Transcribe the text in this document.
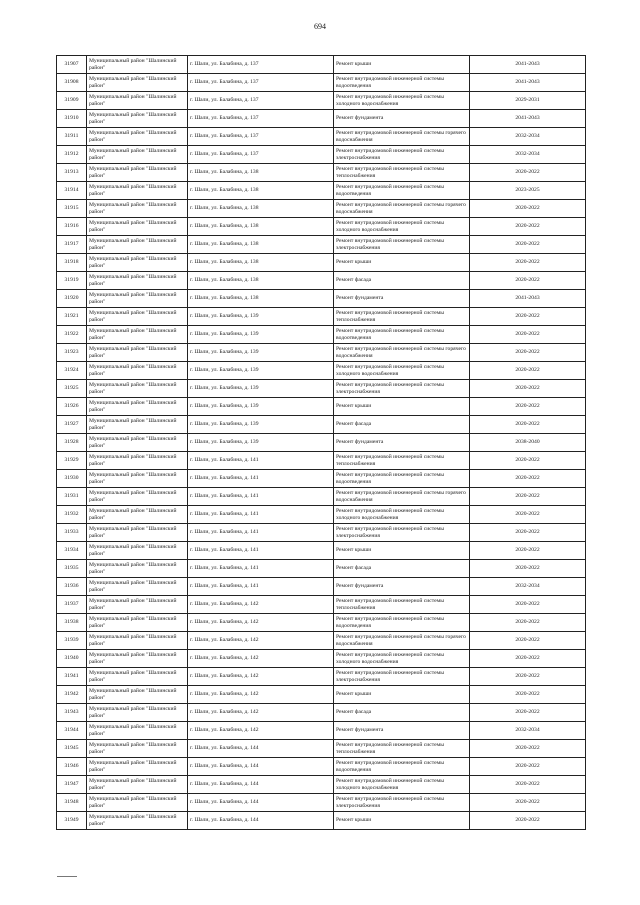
694
31907	Муниципальный район "Шалинский район"	г. Шали, ул. Балабина, д. 137	Ремонт крыши	2041-2043
31908	Муниципальный район "Шалинский район"	г. Шали, ул. Балабина, д. 137	Ремонт внутридомовой инженерной системы водоотведения	2041-2043
31909	Муниципальный район "Шалинский район"	г. Шали, ул. Балабина, д. 137	Ремонт внутридомовой инженерной системы холодного водоснабжения	2029-2031
31910	Муниципальный район "Шалинский район"	г. Шали, ул. Балабина, д. 137	Ремонт фундамента	2041-2043
31911	Муниципальный район "Шалинский район"	г. Шали, ул. Балабина, д. 137	Ремонт внутридомовой инженерной системы горячего водоснабжения	2032-2034
31912	Муниципальный район "Шалинский район"	г. Шали, ул. Балабина, д. 137	Ремонт внутридомовой инженерной системы электроснабжения	2032-2034
31913	Муниципальный район "Шалинский район"	г. Шали, ул. Балабина, д. 138	Ремонт внутридомовой инженерной системы теплоснабжения	2020-2022
31914	Муниципальный район "Шалинский район"	г. Шали, ул. Балабина, д. 138	Ремонт внутридомовой инженерной системы водоотведения	2023-2025
31915	Муниципальный район "Шалинский район"	г. Шали, ул. Балабина, д. 138	Ремонт внутридомовой инженерной системы горячего водоснабжения	2020-2022
31916	Муниципальный район "Шалинский район"	г. Шали, ул. Балабина, д. 138	Ремонт внутридомовой инженерной системы холодного водоснабжения	2020-2022
31917	Муниципальный район "Шалинский район"	г. Шали, ул. Балабина, д. 138	Ремонт внутридомовой инженерной системы электроснабжения	2020-2022
31918	Муниципальный район "Шалинский район"	г. Шали, ул. Балабина, д. 138	Ремонт крыши	2020-2022
31919	Муниципальный район "Шалинский район"	г. Шали, ул. Балабина, д. 138	Ремонт фасада	2020-2022
31920	Муниципальный район "Шалинский район"	г. Шали, ул. Балабина, д. 138	Ремонт фундамента	2041-2043
31921	Муниципальный район "Шалинский район"	г. Шали, ул. Балабина, д. 139	Ремонт внутридомовой инженерной системы теплоснабжения	2020-2022
31922	Муниципальный район "Шалинский район"	г. Шали, ул. Балабина, д. 139	Ремонт внутридомовой инженерной системы водоотведения	2020-2022
31923	Муниципальный район "Шалинский район"	г. Шали, ул. Балабина, д. 139	Ремонт внутридомовой инженерной системы горячего водоснабжения	2020-2022
31924	Муниципальный район "Шалинский район"	г. Шали, ул. Балабина, д. 139	Ремонт внутридомовой инженерной системы холодного водоснабжения	2020-2022
31925	Муниципальный район "Шалинский район"	г. Шали, ул. Балабина, д. 139	Ремонт внутридомовой инженерной системы электроснабжения	2020-2022
31926	Муниципальный район "Шалинский район"	г. Шали, ул. Балабина, д. 139	Ремонт крыши	2020-2022
31927	Муниципальный район "Шалинский район"	г. Шали, ул. Балабина, д. 139	Ремонт фасада	2020-2022
31928	Муниципальный район "Шалинский район"	г. Шали, ул. Балабина, д. 139	Ремонт фундамента	2038-2040
31929	Муниципальный район "Шалинский район"	г. Шали, ул. Балабина, д. 141	Ремонт внутридомовой инженерной системы теплоснабжения	2020-2022
31930	Муниципальный район "Шалинский район"	г. Шали, ул. Балабина, д. 141	Ремонт внутридомовой инженерной системы водоотведения	2020-2022
31931	Муниципальный район "Шалинский район"	г. Шали, ул. Балабина, д. 141	Ремонт внутридомовой инженерной системы горячего водоснабжения	2020-2022
31932	Муниципальный район "Шалинский район"	г. Шали, ул. Балабина, д. 141	Ремонт внутридомовой инженерной системы холодного водоснабжения	2020-2022
31933	Муниципальный район "Шалинский район"	г. Шали, ул. Балабина, д. 141	Ремонт внутридомовой инженерной системы электроснабжения	2020-2022
31934	Муниципальный район "Шалинский район"	г. Шали, ул. Балабина, д. 141	Ремонт крыши	2020-2022
31935	Муниципальный район "Шалинский район"	г. Шали, ул. Балабина, д. 141	Ремонт фасада	2020-2022
31936	Муниципальный район "Шалинский район"	г. Шали, ул. Балабина, д. 141	Ремонт фундамента	2032-2034
31937	Муниципальный район "Шалинский район"	г. Шали, ул. Балабина, д. 142	Ремонт внутридомовой инженерной системы теплоснабжения	2020-2022
31938	Муниципальный район "Шалинский район"	г. Шали, ул. Балабина, д. 142	Ремонт внутридомовой инженерной системы водоотведения	2020-2022
31939	Муниципальный район "Шалинский район"	г. Шали, ул. Балабина, д. 142	Ремонт внутридомовой инженерной системы горячего водоснабжения	2020-2022
31940	Муниципальный район "Шалинский район"	г. Шали, ул. Балабина, д. 142	Ремонт внутридомовой инженерной системы холодного водоснабжения	2020-2022
31941	Муниципальный район "Шалинский район"	г. Шали, ул. Балабина, д. 142	Ремонт внутридомовой инженерной системы электроснабжения	2020-2022
31942	Муниципальный район "Шалинский район"	г. Шали, ул. Балабина, д. 142	Ремонт крыши	2020-2022
31943	Муниципальный район "Шалинский район"	г. Шали, ул. Балабина, д. 142	Ремонт фасада	2020-2022
31944	Муниципальный район "Шалинский район"	г. Шали, ул. Балабина, д. 142	Ремонт фундамента	2032-2034
31945	Муниципальный район "Шалинский район"	г. Шали, ул. Балабина, д. 144	Ремонт внутридомовой инженерной системы теплоснабжения	2020-2022
31946	Муниципальный район "Шалинский район"	г. Шали, ул. Балабина, д. 144	Ремонт внутридомовой инженерной системы водоотведения	2020-2022
31947	Муниципальный район "Шалинский район"	г. Шали, ул. Балабина, д. 144	Ремонт внутридомовой инженерной системы холодного водоснабжения	2020-2022
31948	Муниципальный район "Шалинский район"	г. Шали, ул. Балабина, д. 144	Ремонт внутридомовой инженерной системы электроснабжения	2020-2022
31949	Муниципальный район "Шалинский район"	г. Шали, ул. Балабина, д. 144	Ремонт крыши	2020-2022
